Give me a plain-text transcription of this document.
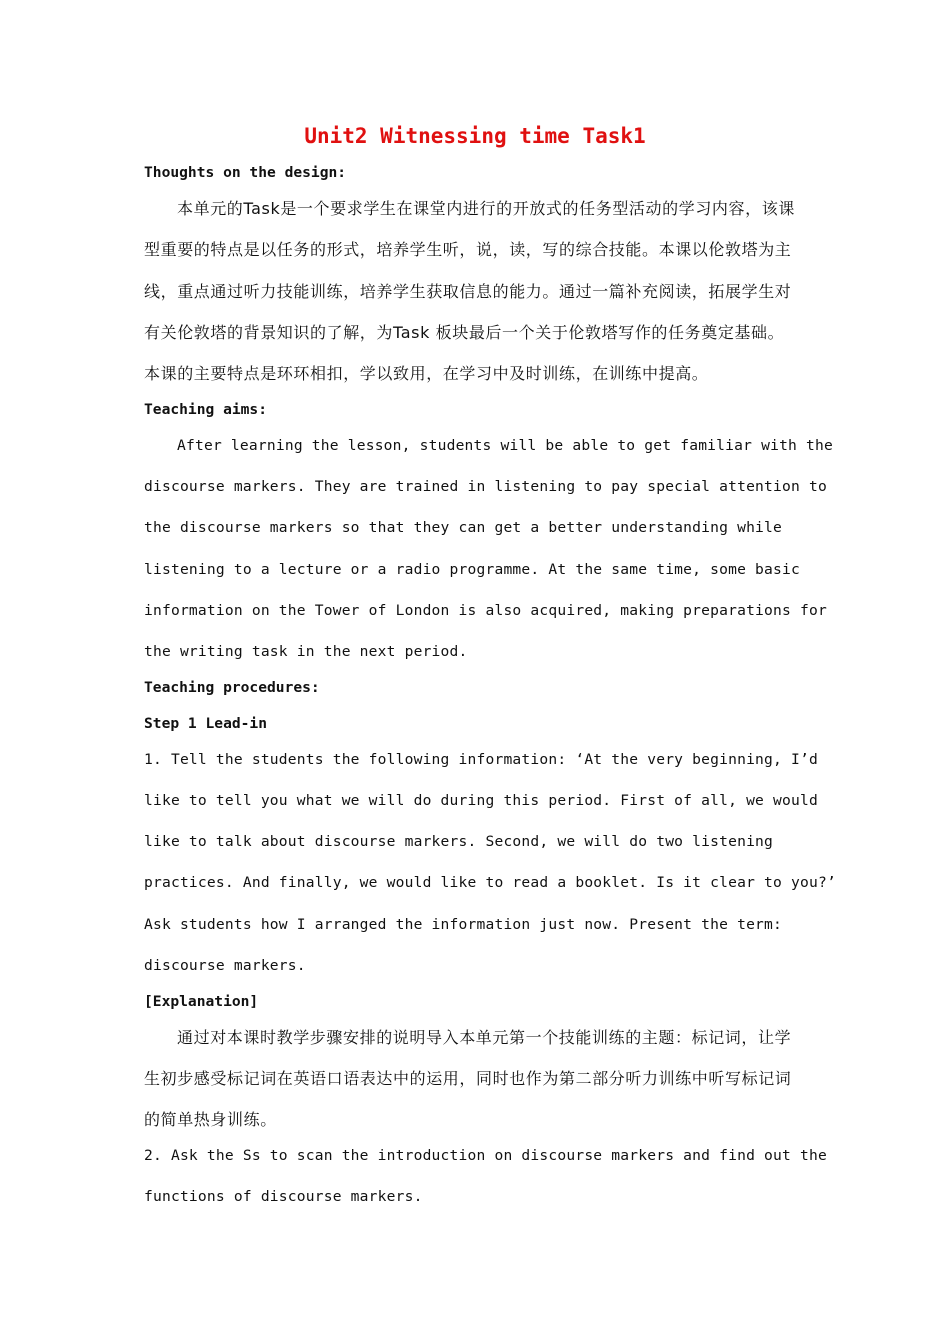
Unit2 Witnessing time Task1
Thoughts on the design:
本单元的Task是一个要求学生在课堂内进行的开放式的任务型活动的学习内容，该课
型重要的特点是以任务的形式，培养学生听，说，读，写的综合技能。本课以伦敦塔为主
线，重点通过听力技能训练，培养学生获取信息的能力。通过一篇补充阅读，拓展学生对
有关伦敦塔的背景知识的了解，为Task 板块最后一个关于伦敦塔写作的任务奠定基础。
本课的主要特点是环环相扣，学以致用，在学习中及时训练，在训练中提高。
Teaching aims:
After learning the lesson, students will be able to get familiar with the
discourse markers. They are trained in listening to pay special attention to
the discourse markers so that they can get a better understanding while
listening to a lecture or a radio programme. At the same time, some basic
information on the Tower of London is also acquired, making preparations for
the writing task in the next period.
Teaching procedures:
Step 1 Lead-in
1. Tell the students the following information: ‘At the very beginning, I’d
like to tell you what we will do during this period. First of all, we would
like to talk about discourse markers. Second, we will do two listening
practices. And finally, we would like to read a booklet. Is it clear to you?’
Ask students how I arranged the information just now. Present the term:
discourse markers.
[Explanation]
通过对本课时教学步骤安排的说明导入本单元第一个技能训练的主题：标记词，让学
生初步感受标记词在英语口语表达中的运用，同时也作为第二部分听力训练中听写标记词
的简单热身训练。
2. Ask the Ss to scan the introduction on discourse markers and find out the
functions of discourse markers.
